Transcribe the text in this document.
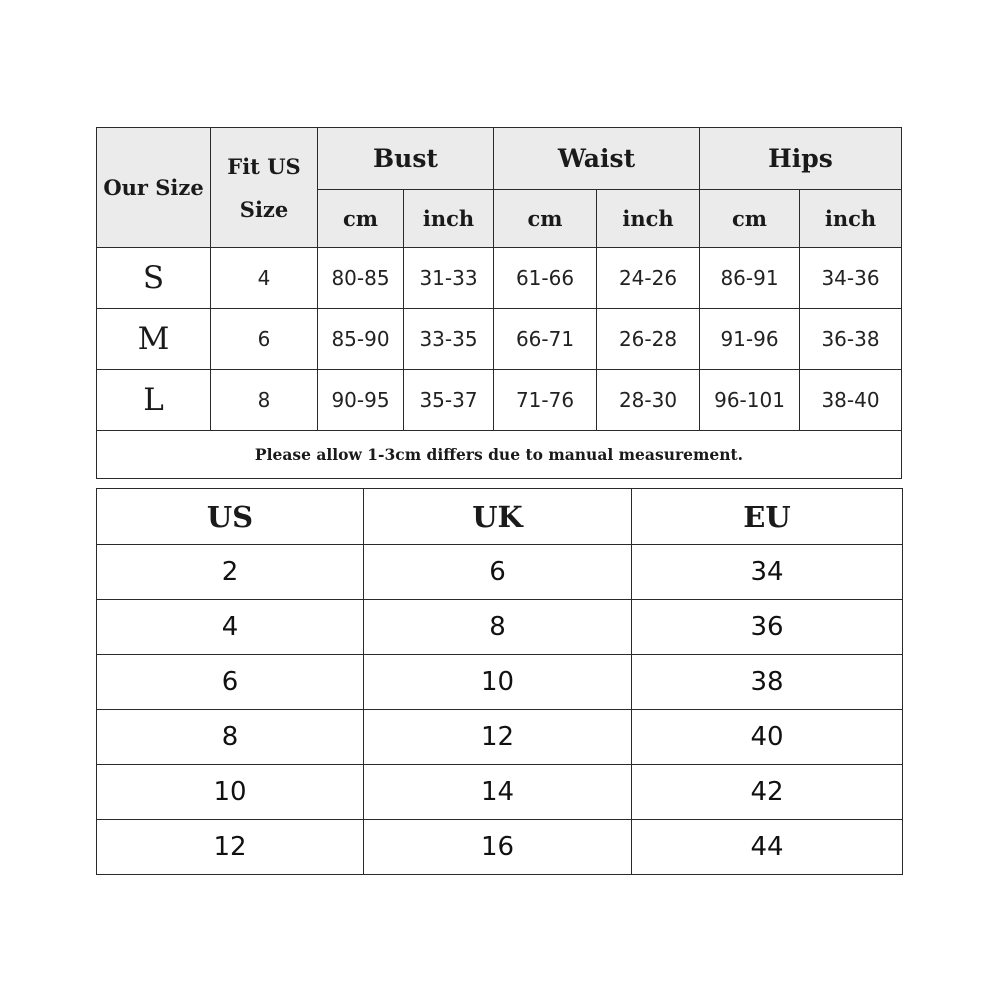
Our Size	Fit US Size	Bust		Waist		Hips	
		cm	inch	cm	inch	cm	inch
S	4	80-85	31-33	61-66	24-26	86-91	34-36
M	6	85-90	33-35	66-71	26-28	91-96	36-38
L	8	90-95	35-37	71-76	28-30	96-101	38-40
Please allow 1-3cm differs due to manual measurement.							
US	UK	EU
2	6	34
4	8	36
6	10	38
8	12	40
10	14	42
12	16	44
